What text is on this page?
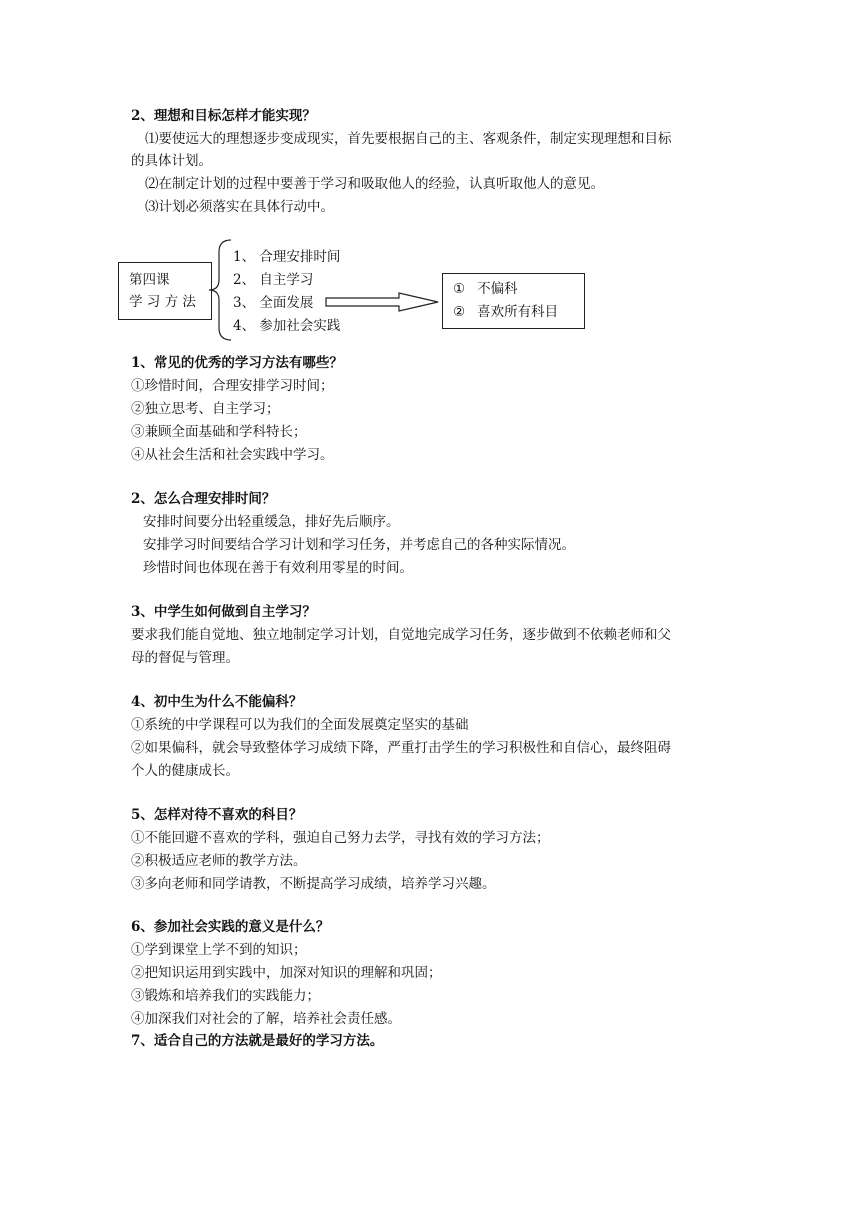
2、理想和目标怎样才能实现？
⑴要使远大的理想逐步变成现实，首先要根据自己的主、客观条件，制定实现理想和目标
的具体计划。
⑵在制定计划的过程中要善于学习和吸取他人的经验，认真听取他人的意见。
⑶计划必须落实在具体行动中。
第四课
学 习 方 法
1、 合理安排时间
2、 自主学习
3、 全面发展
4、 参加社会实践
① 不偏科
② 喜欢所有科目
1、常见的优秀的学习方法有哪些？
①珍惜时间，合理安排学习时间；
②独立思考、自主学习；
③兼顾全面基础和学科特长；
④从社会生活和社会实践中学习。
2、怎么合理安排时间？
安排时间要分出轻重缓急，排好先后顺序。
安排学习时间要结合学习计划和学习任务，并考虑自己的各种实际情况。
珍惜时间也体现在善于有效利用零星的时间。
3、中学生如何做到自主学习？
要求我们能自觉地、独立地制定学习计划，自觉地完成学习任务，逐步做到不依赖老师和父
母的督促与管理。
4、初中生为什么不能偏科？
①系统的中学课程可以为我们的全面发展奠定坚实的基础
②如果偏科，就会导致整体学习成绩下降，严重打击学生的学习积极性和自信心，最终阻碍
个人的健康成长。
5、怎样对待不喜欢的科目？
①不能回避不喜欢的学科，强迫自己努力去学，寻找有效的学习方法；
②积极适应老师的教学方法。
③多向老师和同学请教，不断提高学习成绩，培养学习兴趣。
6、参加社会实践的意义是什么？
①学到课堂上学不到的知识；
②把知识运用到实践中，加深对知识的理解和巩固；
③锻炼和培养我们的实践能力；
④加深我们对社会的了解，培养社会责任感。
7、适合自己的方法就是最好的学习方法。
